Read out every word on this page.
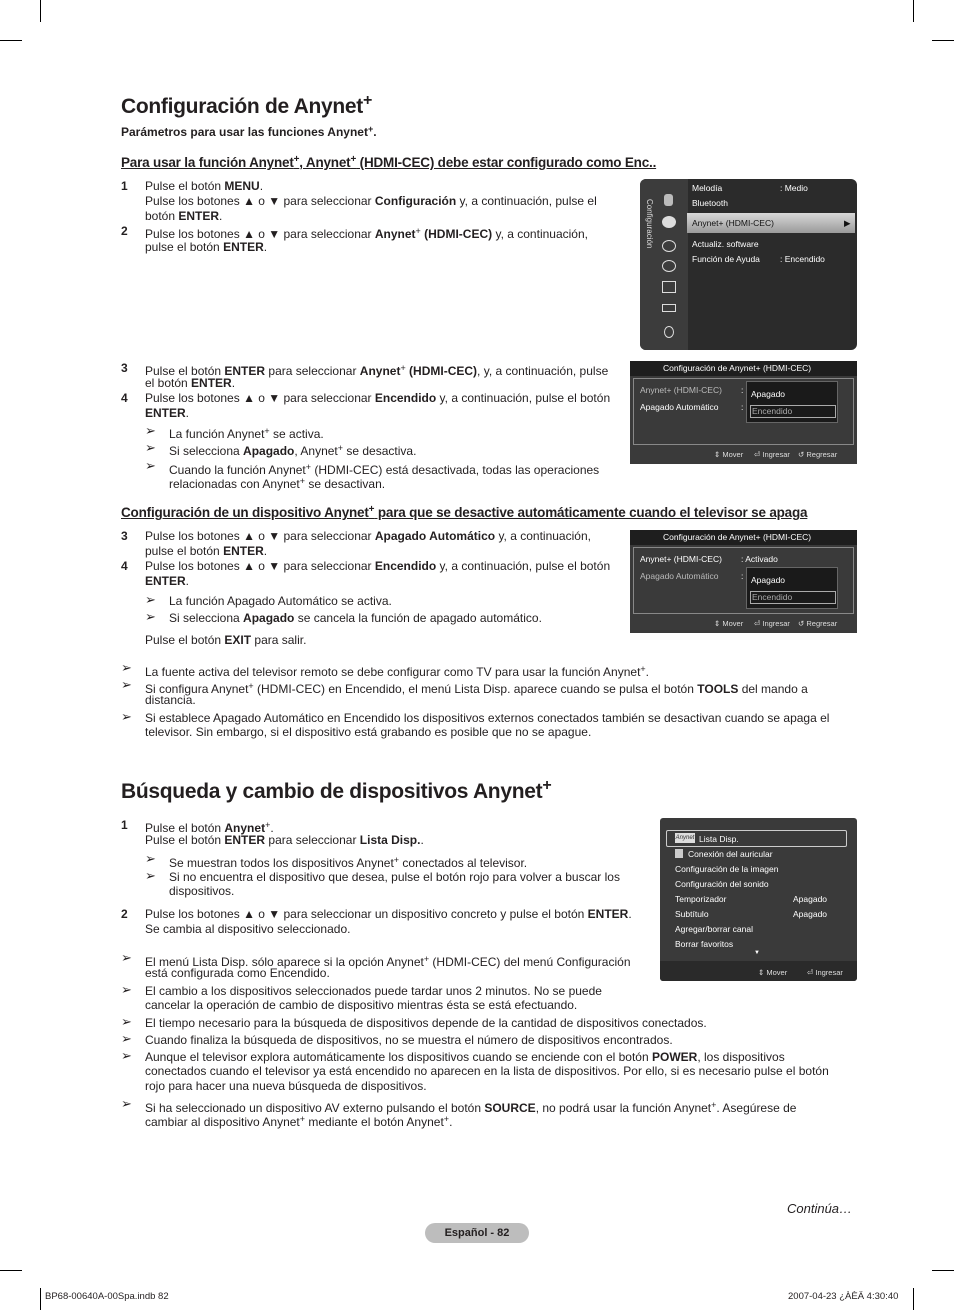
Configuración de Anynet+
Parámetros para usar las funciones Anynet+.
Para usar la función Anynet+, Anynet+ (HDMI-CEC) debe estar configurado como Enc..
1 Pulse el botón MENU.
Pulse los botones ▲ o ▼ para seleccionar Configuración y, a continuación, pulse el
botón ENTER.
2 Pulse los botones ▲ o ▼ para seleccionar Anynet+ (HDMI-CEC) y, a continuación,
pulse el botón ENTER.	Configuración
Melodía	: Medio
Bluetooth
Anynet+ (HDMI-CEC)	▶
Actualiz. software
Función de Ayuda : Encendido
3 Pulse el botón ENTER para seleccionar Anynet+ (HDMI-CEC), y, a continuación, pulse
el botón ENTER.
4 Pulse los botones ▲ o ▼ para seleccionar Encendido y, a continuación, pulse el botón
ENTER.
➢ La función Anynet+ se activa.
➢ Si selecciona Apagado, Anynet+ se desactiva.
➢ Cuando la función Anynet+ (HDMI-CEC) está desactivada, todas las operaciones
relacionadas con Anynet+ se desactivan.
Configuración de Anynet+ (HDMI-CEC)
Anynet+ (HDMI-CEC) :
Apagado Automático	:
Apagado
Encendido
⇕ Mover ⏎ Ingresar ↺ Regresar
Configuración de un dispositivo Anynet+ para que se desactive automáticamente cuando el televisor se apaga
3 Pulse los botones ▲ o ▼ para seleccionar Apagado Automático y, a continuación,
pulse el botón ENTER.
4 Pulse los botones ▲ o ▼ para seleccionar Encendido y, a continuación, pulse el botón
ENTER.
➢ La función Apagado Automático se activa.
➢ Si selecciona Apagado se cancela la función de apagado automático.
Pulse el botón EXIT para salir.
Configuración de Anynet+ (HDMI-CEC)
Anynet+ (HDMI-CEC) : Activado
Apagado Automático	: Apagado
Encendido
⇕ Mover ⏎ Ingresar ↺ Regresar
➢ La fuente activa del televisor remoto se debe configurar como TV para usar la función Anynet+.
➢ Si configura Anynet+ (HDMI-CEC) en Encendido, el menú Lista Disp. aparece cuando se pulsa el botón TOOLS del mando a
distancia.
➢ Si establece Apagado Automático en Encendido los dispositivos externos conectados también se desactivan cuando se apaga el
televisor. Sin embargo, si el dispositivo está grabando es posible que no se apague.
Búsqueda y cambio de dispositivos Anynet+
1 Pulse el botón Anynet+.
Pulse el botón ENTER para seleccionar Lista Disp..
➢ Se muestran todos los dispositivos Anynet+ conectados al televisor.
➢ Si no encuentra el dispositivo que desea, pulse el botón rojo para volver a buscar los
dispositivos.
2 Pulse los botones ▲ o ▼ para seleccionar un dispositivo concreto y pulse el botón ENTER.
Se cambia al dispositivo seleccionado.
Anynet Lista Disp.
Conexión del auricular
Configuración de la imagen
Configuración del sonido
Temporizador	Apagado
Subtítulo	Apagado
Agregar/borrar canal
Borrar favoritos
▼
⇕ Mover	⏎ Ingresar
➢ El menú Lista Disp. sólo aparece si la opción Anynet+ (HDMI-CEC) del menú Configuración
está configurada como Encendido.
➢ El cambio a los dispositivos seleccionados puede tardar unos 2 minutos. No se puede
cancelar la operación de cambio de dispositivo mientras ésta se está efectuando.
➢ El tiempo necesario para la búsqueda de dispositivos depende de la cantidad de dispositivos conectados.
➢ Cuando finaliza la búsqueda de dispositivos, no se muestra el número de dispositivos encontrados.
➢ Aunque el televisor explora automáticamente los dispositivos cuando se enciende con el botón POWER, los dispositivos
conectados cuando el televisor ya está encendido no aparecen en la lista de dispositivos. Por ello, si es necesario pulse el botón
rojo para hacer una nueva búsqueda de dispositivos.
➢ Si ha seleccionado un dispositivo AV externo pulsando el botón SOURCE, no podrá usar la función Anynet+. Asegúrese de
cambiar al dispositivo Anynet+ mediante el botón Anynet+.
Continúa…
Español - 82
BP68-00640A-00Spa.indb 82	2007-04-23 ¿ÀÈÄ 4:30:40
